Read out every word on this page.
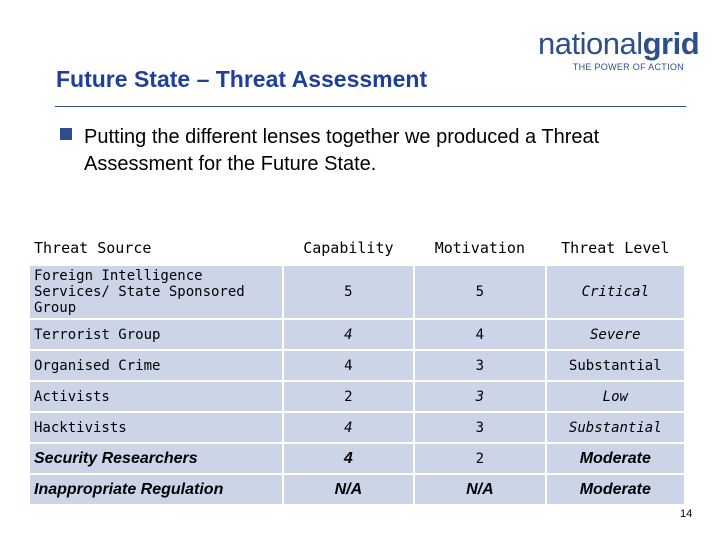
nationalgrid
THE POWER OF ACTION
Future State – Threat Assessment
Putting the different lenses together we produced a Threat Assessment for the Future State.
Threat Source	Capability	Motivation	Threat Level
Foreign Intelligence Services/ State Sponsored Group	5	5	Critical
Terrorist Group	4	4	Severe
Organised Crime	4	3	Substantial
Activists	2	3	Low
Hacktivists	4	3	Substantial
Security Researchers	4	2	Moderate
Inappropriate Regulation	N/A	N/A	Moderate
14
